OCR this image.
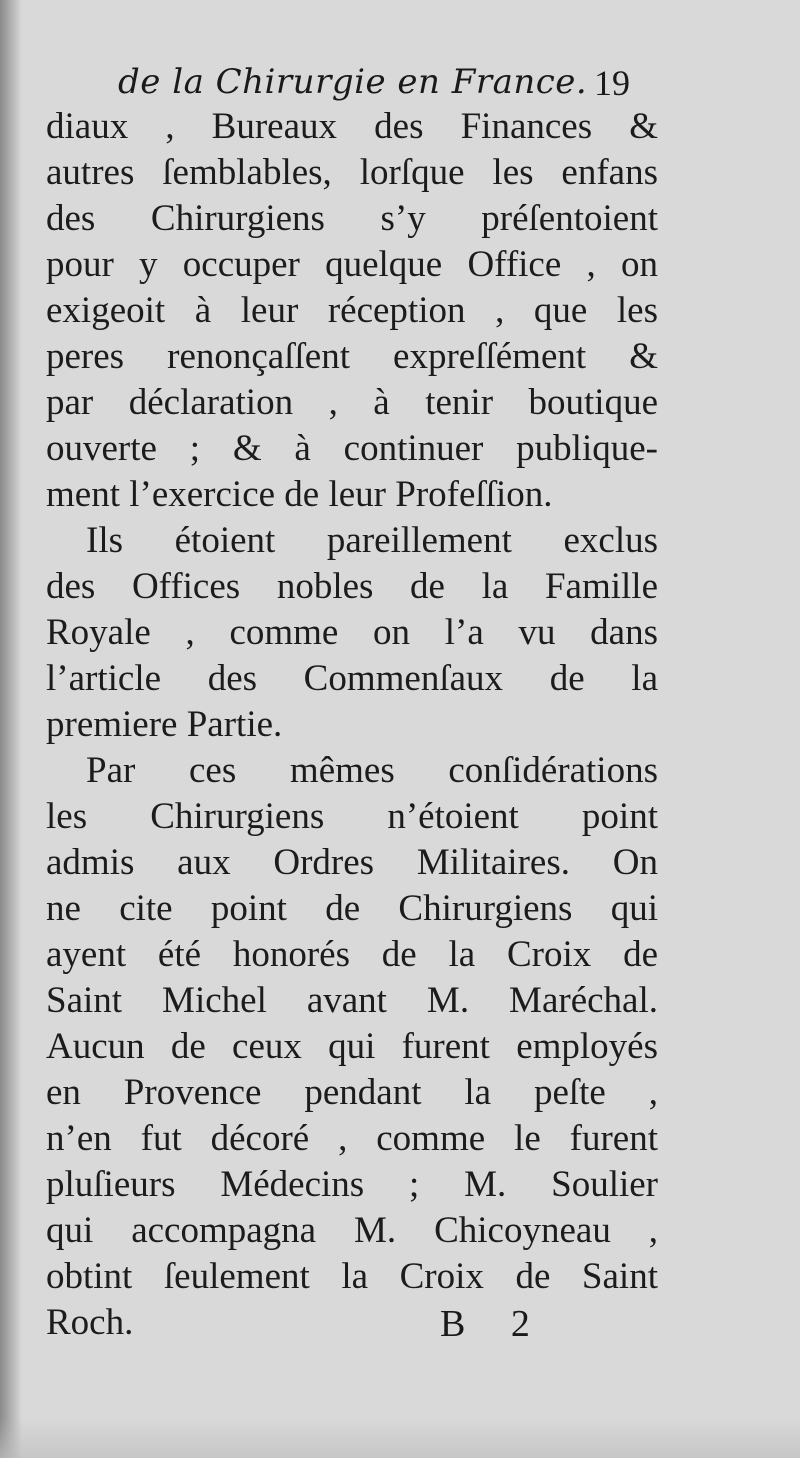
de la Chirurgie en France. 19
diaux , Bureaux des Finances &
autres ſemblables, lorſque les enfans
des Chirurgiens s’y préſentoient
pour y occuper quelque Office , on
exigeoit à leur réception , que les
peres renonçaſſent expreſſément &
par déclaration , à tenir boutique
ouverte ; & à continuer publique-
ment l’exercice de leur Profeſſion.
Ils étoient pareillement exclus
des Offices nobles de la Famille
Royale , comme on l’a vu dans
l’article des Commenſaux de la
premiere Partie.
Par ces mêmes conſidérations
les Chirurgiens n’étoient point
admis aux Ordres Militaires. On
ne cite point de Chirurgiens qui
ayent été honorés de la Croix de
Saint Michel avant M. Maréchal.
Aucun de ceux qui furent employés
en Provence pendant la peſte ,
n’en fut décoré , comme le furent
pluſieurs Médecins ; M. Soulier
qui accompagna M. Chicoyneau ,
obtint ſeulement la Croix de Saint
Roch.	B 2
